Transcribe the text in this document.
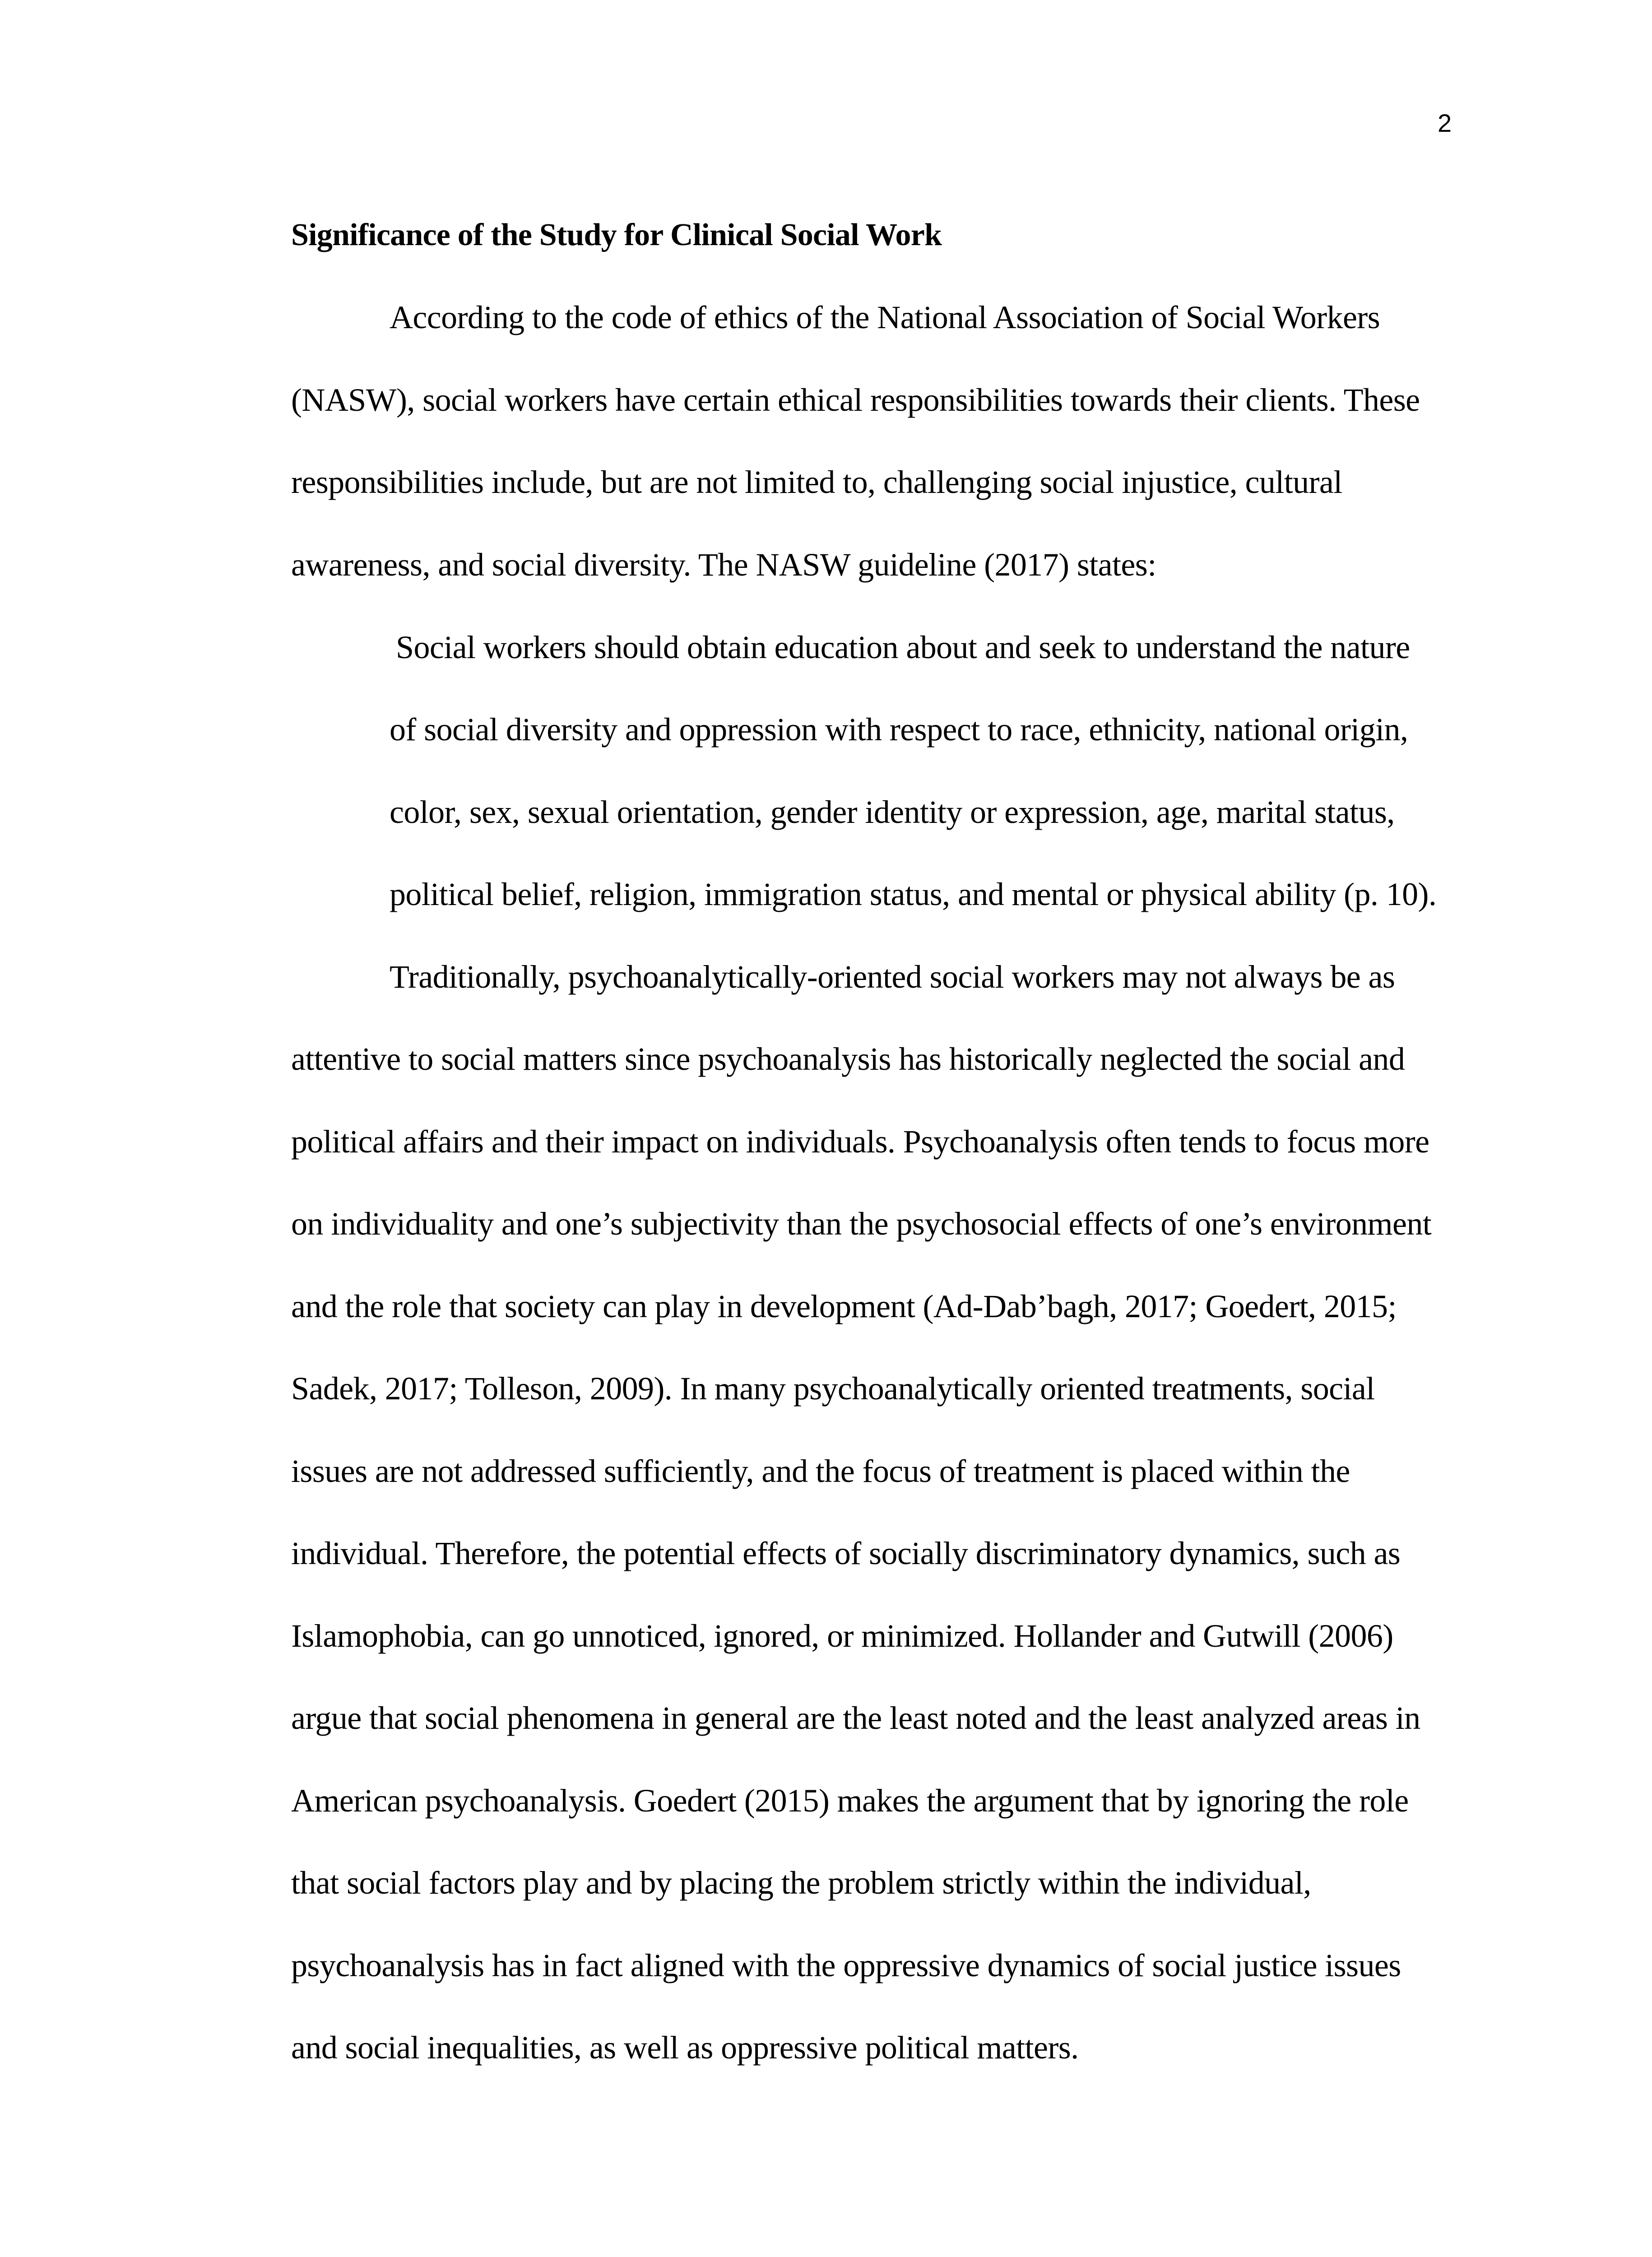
2
Significance of the Study for Clinical Social Work
According to the code of ethics of the National Association of Social Workers
(NASW), social workers have certain ethical responsibilities towards their clients. These
responsibilities include, but are not limited to, challenging social injustice, cultural
awareness, and social diversity. The NASW guideline (2017) states:
Social workers should obtain education about and seek to understand the nature
of social diversity and oppression with respect to race, ethnicity, national origin,
color, sex, sexual orientation, gender identity or expression, age, marital status,
political belief, religion, immigration status, and mental or physical ability (p. 10).
Traditionally, psychoanalytically-oriented social workers may not always be as
attentive to social matters since psychoanalysis has historically neglected the social and
political affairs and their impact on individuals. Psychoanalysis often tends to focus more
on individuality and one’s subjectivity than the psychosocial effects of one’s environment
and the role that society can play in development (Ad-Dab’bagh, 2017; Goedert, 2015;
Sadek, 2017; Tolleson, 2009). In many psychoanalytically oriented treatments, social
issues are not addressed sufficiently, and the focus of treatment is placed within the
individual. Therefore, the potential effects of socially discriminatory dynamics, such as
Islamophobia, can go unnoticed, ignored, or minimized. Hollander and Gutwill (2006)
argue that social phenomena in general are the least noted and the least analyzed areas in
American psychoanalysis. Goedert (2015) makes the argument that by ignoring the role
that social factors play and by placing the problem strictly within the individual,
psychoanalysis has in fact aligned with the oppressive dynamics of social justice issues
and social inequalities, as well as oppressive political matters.
